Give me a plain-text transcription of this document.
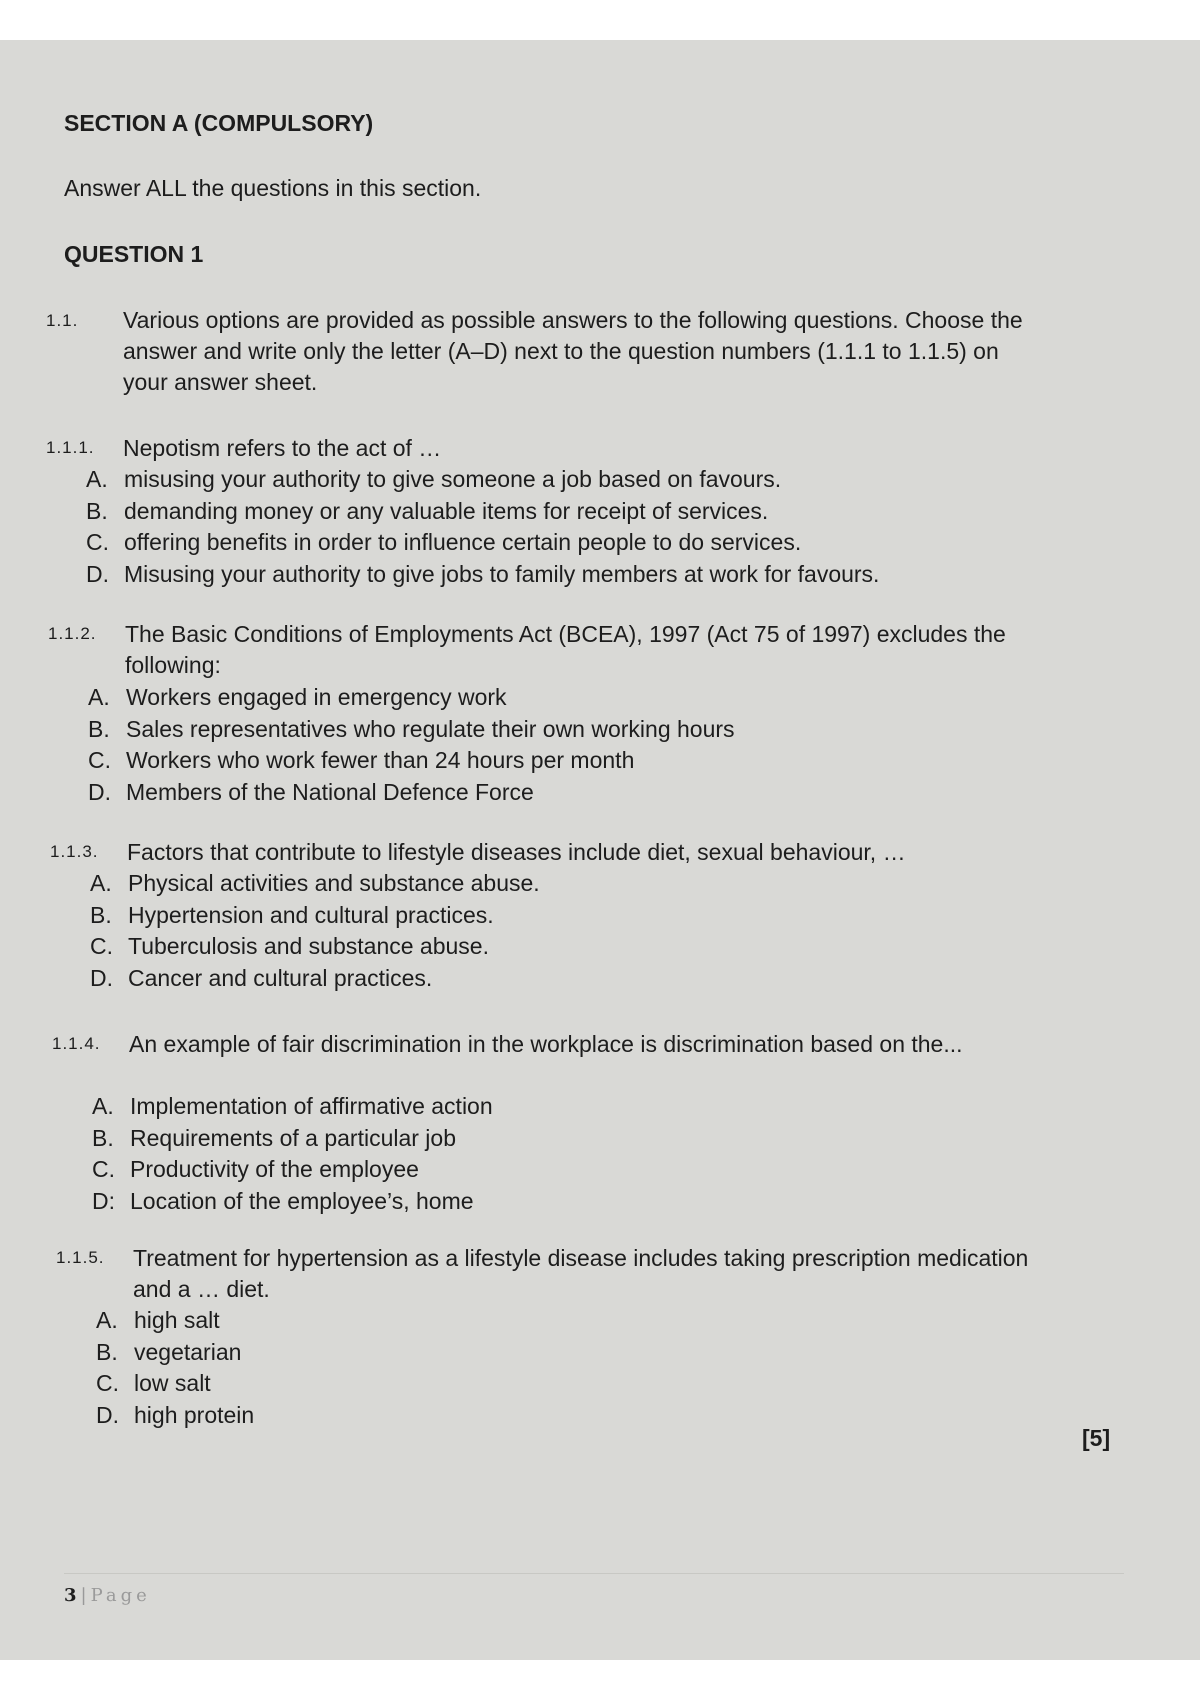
SECTION A (COMPULSORY)
Answer ALL the questions in this section.
QUESTION 1
1.1. Various options are provided as possible answers to the following questions. Choose the answer and write only the letter (A–D) next to the question numbers (1.1.1 to 1.1.5) on your answer sheet.
1.1.1. Nepotism refers to the act of …
A. misusing your authority to give someone a job based on favours.
B. demanding money or any valuable items for receipt of services.
C. offering benefits in order to influence certain people to do services.
D. Misusing your authority to give jobs to family members at work for favours.
1.1.2. The Basic Conditions of Employments Act (BCEA), 1997 (Act 75 of 1997) excludes the      following:
A. Workers engaged in emergency work
B. Sales representatives who regulate their own working hours
C. Workers who work fewer than 24 hours per month
D. Members of the National Defence Force
1.1.3. Factors that contribute to lifestyle diseases include diet, sexual behaviour, …
A. Physical activities and substance abuse.
B. Hypertension and cultural practices.
C. Tuberculosis and substance abuse.
D. Cancer and cultural practices.
1.1.4. An example of fair discrimination in the workplace is discrimination based on the...
A. Implementation of affirmative action
B. Requirements of a particular job
C. Productivity of the employee
D: Location of the employee’s, home
1.1.5. Treatment for hypertension as a lifestyle disease includes taking prescription medication and a … diet.
A. high salt
B. vegetarian
C. low salt
D. high protein
[5]
3 | Page
